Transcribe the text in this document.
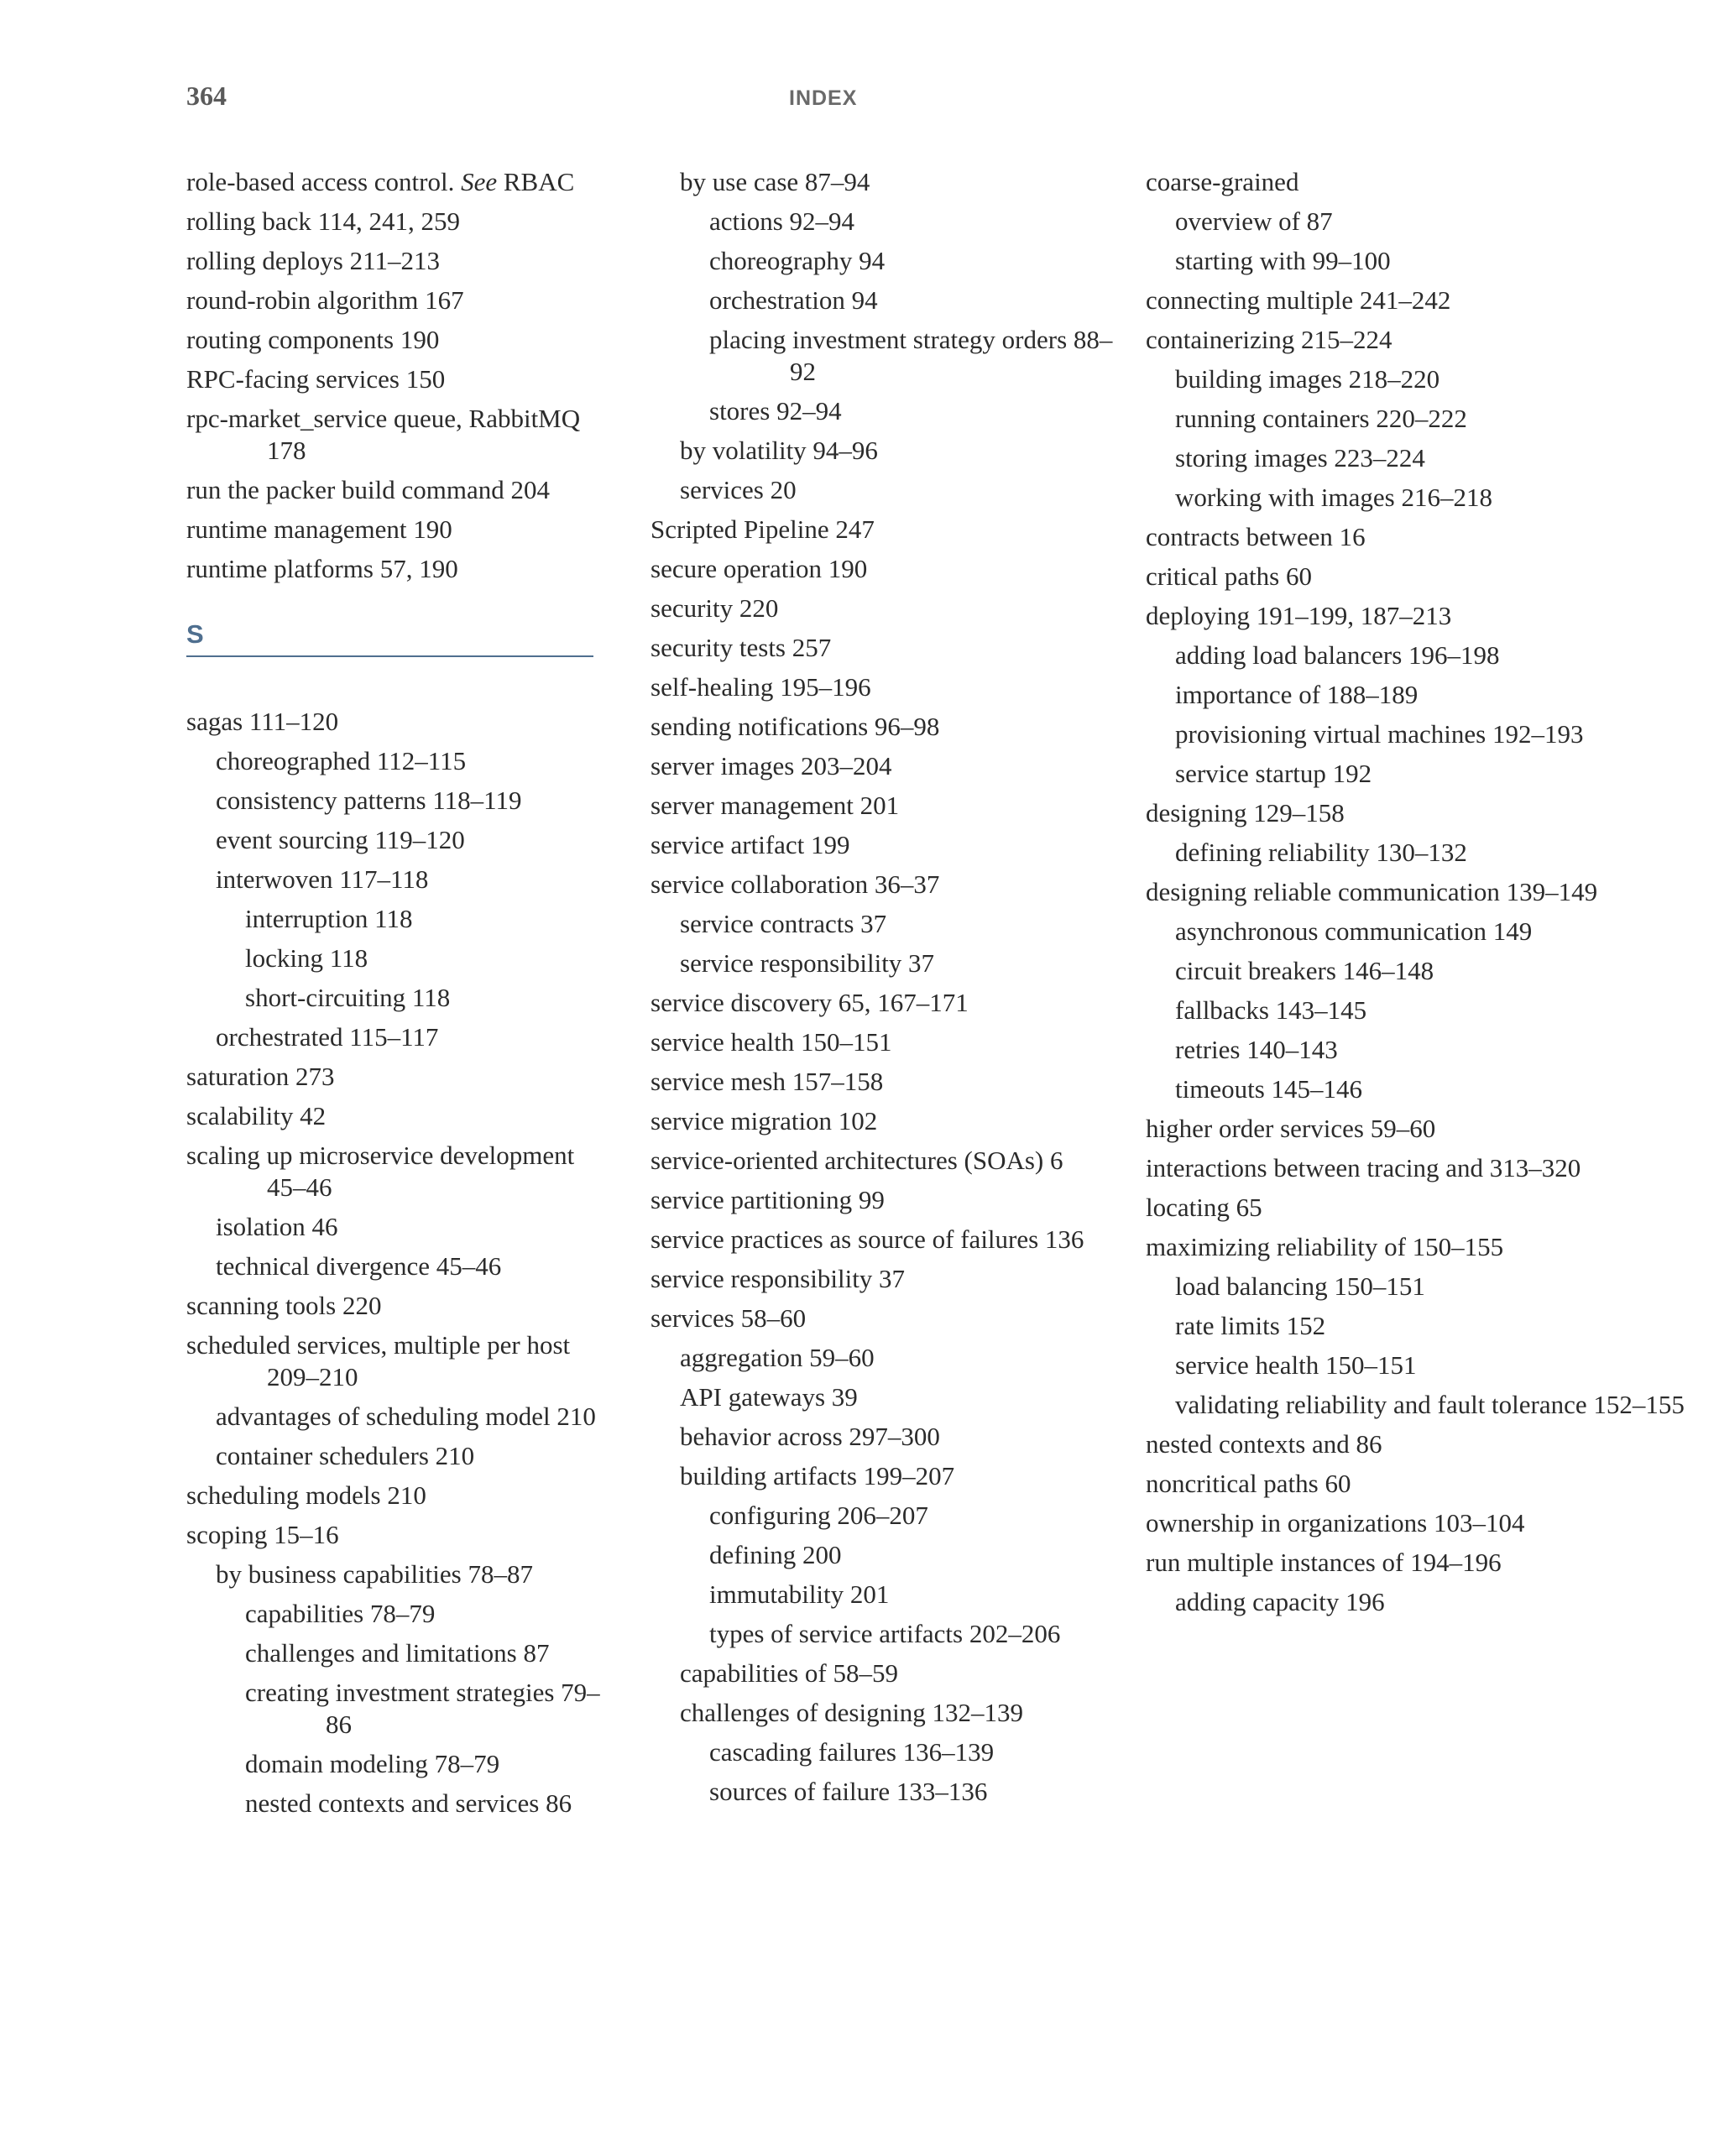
364	INDEX
role-based access control. See RBAC
rolling back 114, 241, 259
rolling deploys 211–213
round-robin algorithm 167
routing components 190
RPC-facing services 150
rpc-market_service queue, RabbitMQ 178
run the packer build command 204
runtime management 190
runtime platforms 57, 190
S
sagas 111–120
choreographed 112–115
consistency patterns 118–119
event sourcing 119–120
interwoven 117–118
interruption 118
locking 118
short-circuiting 118
orchestrated 115–117
saturation 273
scalability 42
scaling up microservice development 45–46
isolation 46
technical divergence 45–46
scanning tools 220
scheduled services, multiple per host 209–210
advantages of scheduling model 210
container schedulers 210
scheduling models 210
scoping 15–16
by business capabilities 78–87
capabilities 78–79
challenges and limitations 87
creating investment strategies 79–86
domain modeling 78–79
nested contexts and services 86
by use case 87–94
actions 92–94
choreography 94
orchestration 94
placing investment strategy orders 88–92
stores 92–94
by volatility 94–96
services 20
Scripted Pipeline 247
secure operation 190
security 220
security tests 257
self-healing 195–196
sending notifications 96–98
server images 203–204
server management 201
service artifact 199
service collaboration 36–37
service contracts 37
service responsibility 37
service discovery 65, 167–171
service health 150–151
service mesh 157–158
service migration 102
service-oriented architectures (SOAs) 6
service partitioning 99
service practices as source of failures 136
service responsibility 37
services 58–60
aggregation 59–60
API gateways 39
behavior across 297–300
building artifacts 199–207
configuring 206–207
defining 200
immutability 201
types of service artifacts 202–206
capabilities of 58–59
challenges of designing 132–139
cascading failures 136–139
sources of failure 133–136
coarse-grained
overview of 87
starting with 99–100
connecting multiple 241–242
containerizing 215–224
building images 218–220
running containers 220–222
storing images 223–224
working with images 216–218
contracts between 16
critical paths 60
deploying 191–199, 187–213
adding load balancers 196–198
importance of 188–189
provisioning virtual machines 192–193
service startup 192
designing 129–158
defining reliability 130–132
designing reliable communication 139–149
asynchronous communication 149
circuit breakers 146–148
fallbacks 143–145
retries 140–143
timeouts 145–146
higher order services 59–60
interactions between tracing and 313–320
locating 65
maximizing reliability of 150–155
load balancing 150–151
rate limits 152
service health 150–151
validating reliability and fault tolerance 152–155
nested contexts and 86
noncritical paths 60
ownership in organizations 103–104
run multiple instances of 194–196
adding capacity 196
